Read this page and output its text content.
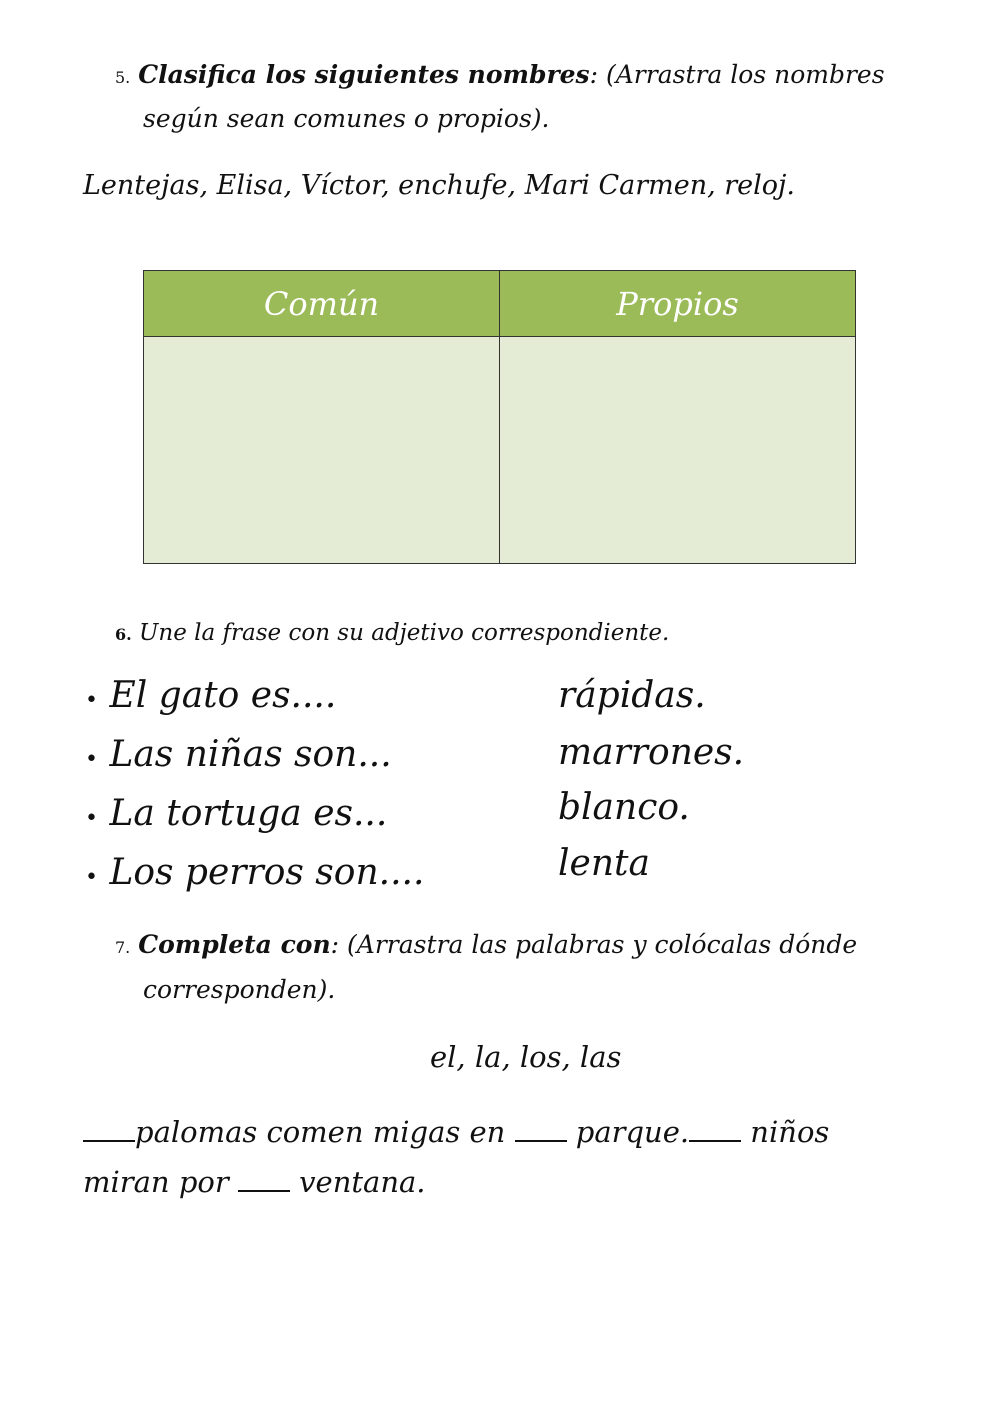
5. Clasifica los siguientes nombres: (Arrastra los nombres
según sean comunes o propios).
Lentejas, Elisa, Víctor, enchufe, Mari Carmen, reloj.
Común	Propios

6. Une la frase con su adjetivo correspondiente.
• El gato es....
• Las niñas son...
• La tortuga es...
• Los perros son....
rápidas.
marrones.
blanco.
lenta
7. Completa con: (Arrastra las palabras y colócalas dónde
corresponden).
el, la, los, las
palomas comen migas en  parque. niños
miran por  ventana.
